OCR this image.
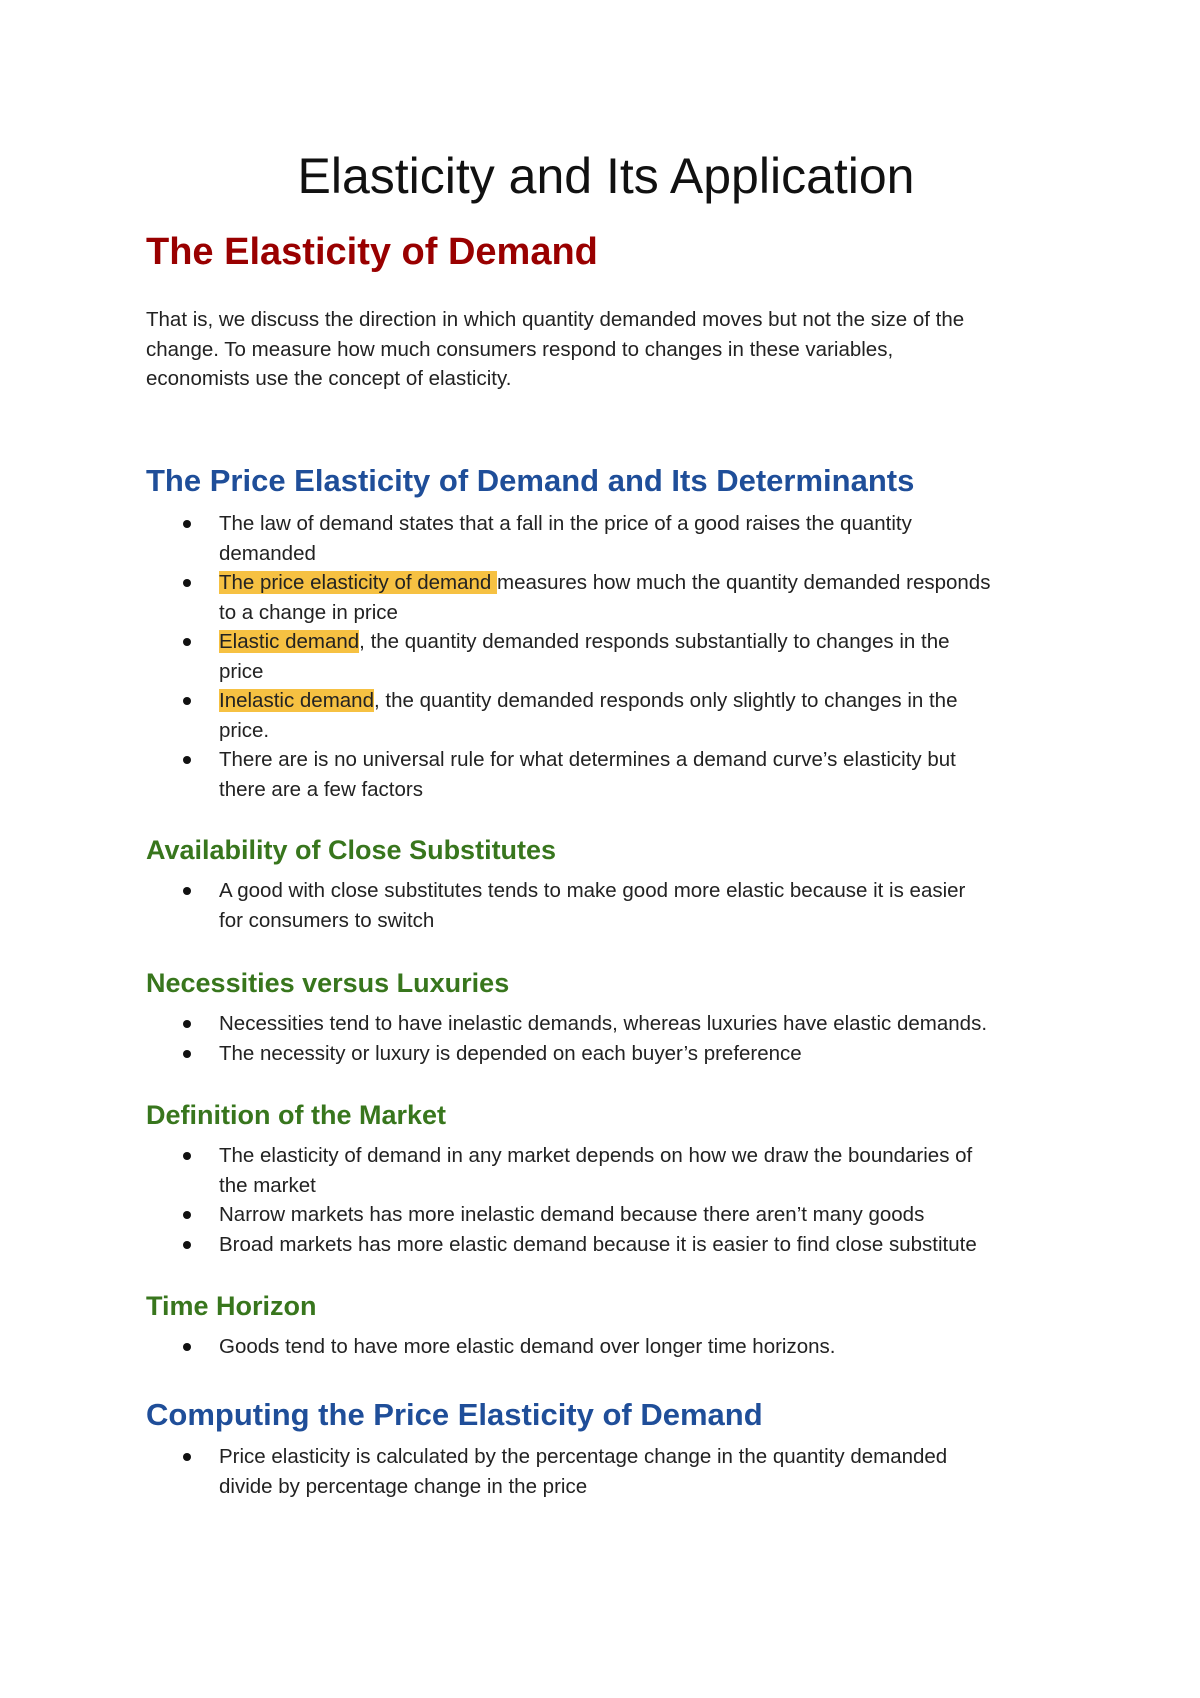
Elasticity and Its Application
The Elasticity of Demand

That is, we discuss the direction in which quantity demanded moves but not the size of the
change. To measure how much consumers respond to changes in these variables,
economists use the concept of elasticity.

The Price Elasticity of Demand and Its Determinants
The law of demand states that a fall in the price of a good raises the quantity
demanded
The price elasticity of demand measures how much the quantity demanded responds
to a change in price
Elastic demand, the quantity demanded responds substantially to changes in the
price
Inelastic demand, the quantity demanded responds only slightly to changes in the
price.
There are is no universal rule for what determines a demand curve’s elasticity but
there are a few factors
Availability of Close Substitutes
A good with close substitutes tends to make good more elastic because it is easier
for consumers to switch
Necessities versus Luxuries
Necessities tend to have inelastic demands, whereas luxuries have elastic demands.
The necessity or luxury is depended on each buyer’s preference
Definition of the Market
The elasticity of demand in any market depends on how we draw the boundaries of
the market
Narrow markets has more inelastic demand because there aren’t many goods
Broad markets has more elastic demand because it is easier to find close substitute
Time Horizon
Goods tend to have more elastic demand over longer time horizons.
Computing the Price Elasticity of Demand
Price elasticity is calculated by the percentage change in the quantity demanded
divide by percentage change in the price
